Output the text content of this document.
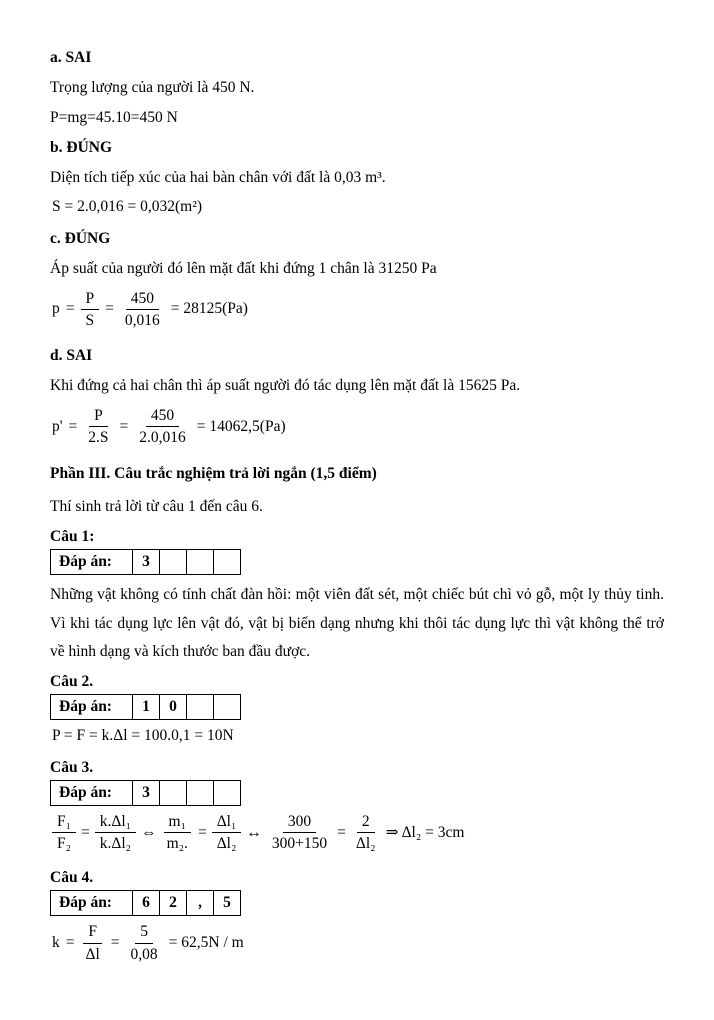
a. SAI

Trọng lượng của người là 450 N.

P=mg=45.10=450 N

b. ĐÚNG

Diện tích tiếp xúc của hai bàn chân với đất là 0,03 m³.

S = 2.0,016 = 0,032(m²)

c. ĐÚNG

Áp suất của người đó lên mặt đất khi đứng 1 chân là 31250 Pa

$p = \frac{P}{S} = \frac{450}{0,016} = 28125(Pa)$

d. SAI

Khi đứng cả hai chân thì áp suất người đó tác dụng lên mặt đất là 15625 Pa.

$p' = \frac{P}{2.S} = \frac{450}{2.0,016} = 14062,5(Pa)$

Phần III. Câu trắc nghiệm trả lời ngắn (1,5 điểm)

Thí sinh trả lời từ câu 1 đến câu 6.

Câu 1:

Đáp án:	3			

Những vật không có tính chất đàn hồi: một viên đất sét, một chiếc bút chì vỏ gỗ, một ly thủy tinh. Vì khi tác dụng lực lên vật đó, vật bị biến dạng nhưng khi thôi tác dụng lực thì vật không thể trở về hình dạng và kích thước ban đầu được.

Câu 2.

Đáp án:	1	0		

P = F = k.Δl = 100.0,1 = 10N

Câu 3.

Đáp án:	3			
$\frac{\text{F₁}}{\text{F₂}} = \frac{\text{k.Δl₁}}{\text{k.Δl₂}}$ ⇔ $\frac{\text{m₁}}{\text{m₂.}} = \frac{\text{Δl₁}}{\text{Δl₂}}$ ↔ $\frac{300}{300+150} = \frac{2}{\text{Δl₂}}$ ⇒ Δl₂ = 3cm

Câu 4.

Đáp án:	6	2	,	5
$k = \frac{F}{\Delta l} = \frac{5}{0,08} = 62,5N / m$
